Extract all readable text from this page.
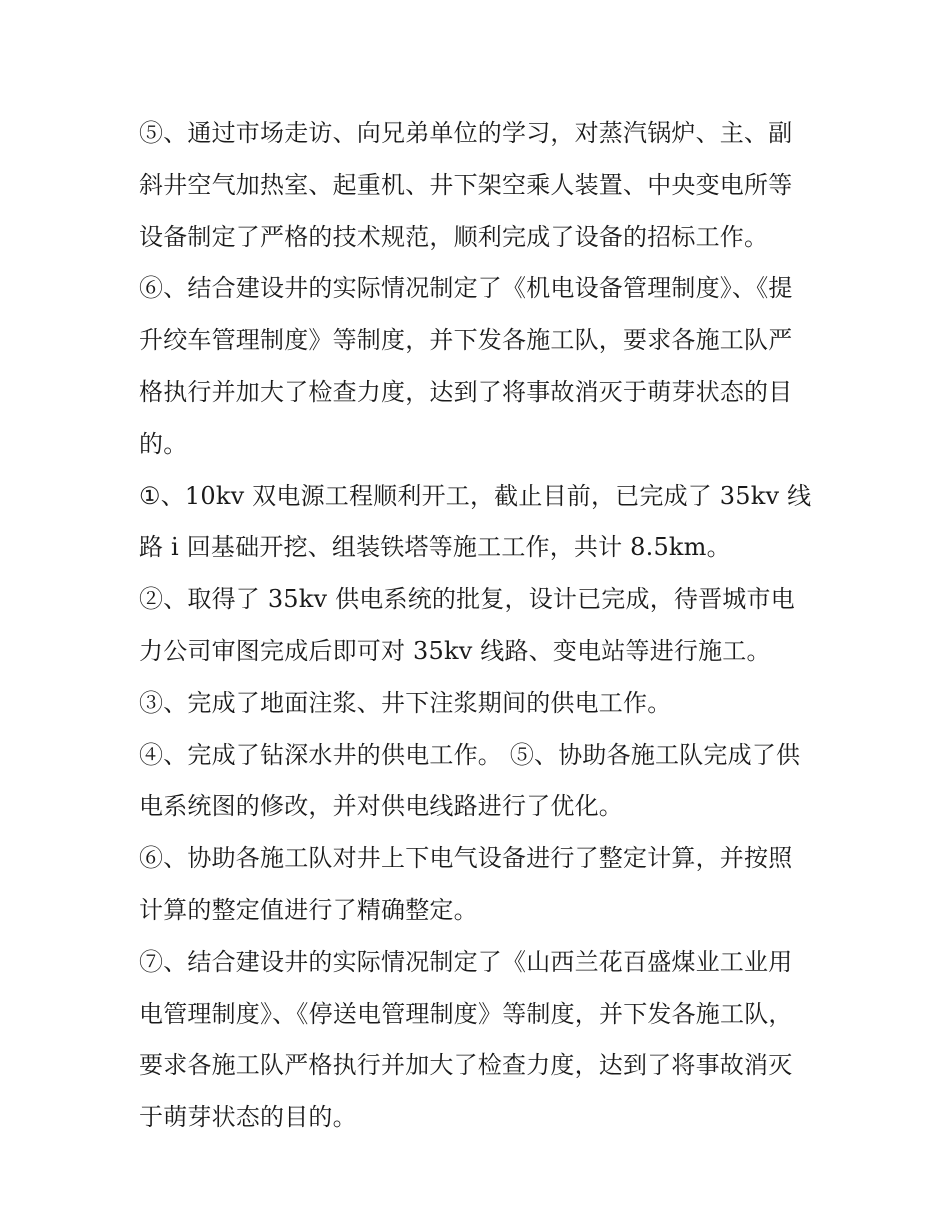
⑤、通过市场走访、向兄弟单位的学习，对蒸汽锅炉、主、副斜井空气加热室、起重机、井下架空乘人装置、中央变电所等设备制定了严格的技术规范，顺利完成了设备的招标工作。

⑥、结合建设井的实际情况制定了《机电设备管理制度》、《提升绞车管理制度》等制度，并下发各施工队，要求各施工队严格执行并加大了检查力度，达到了将事故消灭于萌芽状态的目的。

①、10kv 双电源工程顺利开工，截止目前，已完成了 35kv 线路 i 回基础开挖、组装铁塔等施工工作，共计 8.5km。

②、取得了 35kv 供电系统的批复，设计已完成，待晋城市电力公司审图完成后即可对 35kv 线路、变电站等进行施工。

③、完成了地面注浆、井下注浆期间的供电工作。

④、完成了钻深水井的供电工作。 ⑤、协助各施工队完成了供电系统图的修改，并对供电线路进行了优化。

⑥、协助各施工队对井上下电气设备进行了整定计算，并按照计算的整定值进行了精确整定。

⑦、结合建设井的实际情况制定了《山西兰花百盛煤业工业用电管理制度》、《停送电管理制度》等制度，并下发各施工队，要求各施工队严格执行并加大了检查力度，达到了将事故消灭于萌芽状态的目的。
